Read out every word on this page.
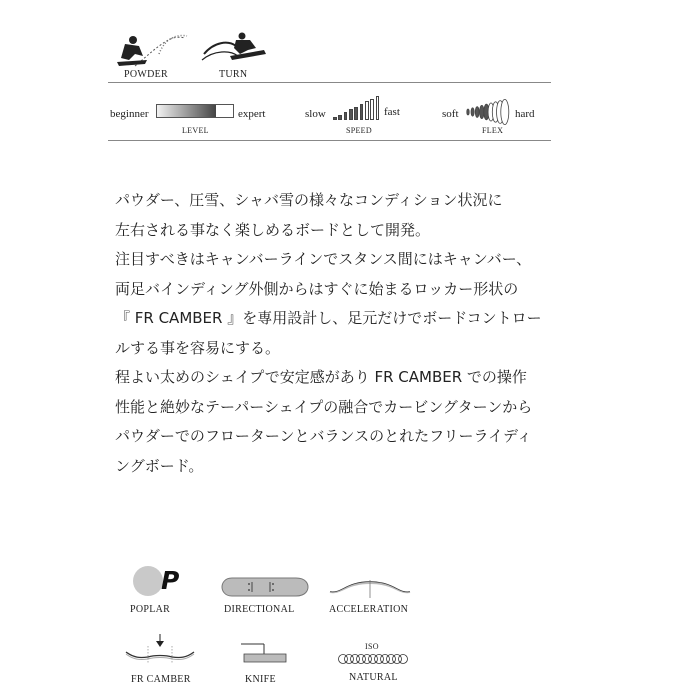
POWDER	TURN
beginner	expert
LEVEL
slow	fast
SPEED
soft	hard
FLEX
パウダー、圧雪、シャバ雪の様々なコンディション状況に
左右される事なく楽しめるボードとして開発。
注目すべきはキャンバーラインでスタンス間にはキャンバー、
両足バインディング外側からはすぐに始まるロッカー形状の
『 FR CAMBER 』を専用設計し、足元だけでボードコントロー
ルする事を容易にする。
程よい太めのシェイプで安定感があり FR CAMBER での操作
性能と絶妙なテーパーシェイプの融合でカービングターンから
パウダーでのフローターンとバランスのとれたフリーライディ
ングボード。
P
POPLAR	DIRECTIONAL	ACCELERATION
FR CAMBER	KNIFE
ISO
NATURAL
